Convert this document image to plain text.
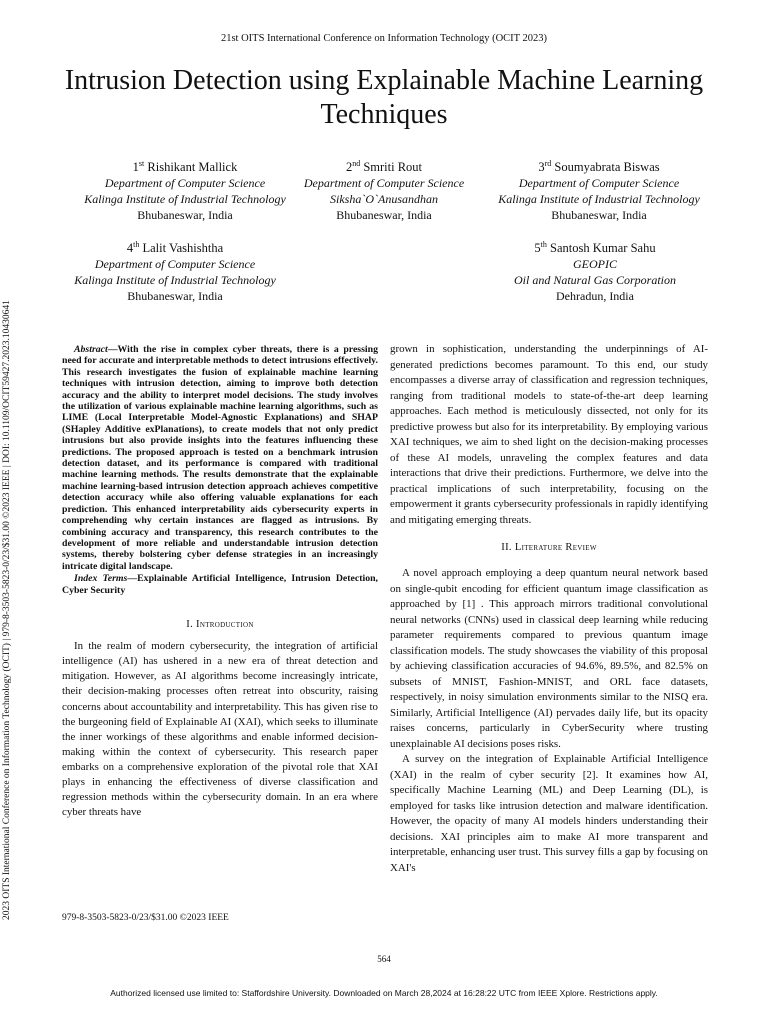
21st OITS International Conference on Information Technology (OCIT 2023)
Intrusion Detection using Explainable Machine Learning Techniques
1st Rishikant Mallick
Department of Computer Science
Kalinga Institute of Industrial Technology
Bhubaneswar, India
2nd Smriti Rout
Department of Computer Science
Siksha`O`Anusandhan
Bhubaneswar, India
3rd Soumyabrata Biswas
Department of Computer Science
Kalinga Institute of Industrial Technology
Bhubaneswar, India
4th Lalit Vashishtha
Department of Computer Science
Kalinga Institute of Industrial Technology
Bhubaneswar, India
5th Santosh Kumar Sahu
GEOPIC
Oil and Natural Gas Corporation
Dehradun, India
2023 OITS International Conference on Information Technology (OCIT) | 979-8-3503-5823-0/23/$31.00 ©2023 IEEE | DOI: 10.1109/OCIT59427.2023.10430641	Abstract—With the rise in complex cyber threats, there is a pressing need for accurate and interpretable methods to detect intrusions effectively. This research investigates the fusion of explainable machine learning techniques with intrusion detection, aiming to improve both detection accuracy and the ability to interpret model decisions. The study involves the utilization of various explainable machine learning algorithms, such as LIME (Local Interpretable Model-Agnostic Explanations) and SHAP (SHapley Additive exPlanations), to create models that not only predict intrusions but also provide insights into the features influencing these predictions. The proposed approach is tested on a benchmark intrusion detection dataset, and its performance is compared with traditional machine learning methods. The results demonstrate that the explainable machine learning-based intrusion detection approach achieves competitive detection accuracy while also offering valuable explanations for each prediction. This enhanced interpretability aids cybersecurity experts in comprehending why certain instances are flagged as intrusions. By combining accuracy and transparency, this research contributes to the development of more reliable and understandable intrusion detection systems, thereby bolstering cyber defense strategies in an increasingly intricate digital landscape.

Index Terms—Explainable Artificial Intelligence, Intrusion Detection, Cyber Security

I. Introduction

In the realm of modern cybersecurity, the integration of artificial intelligence (AI) has ushered in a new era of threat detection and mitigation. However, as AI algorithms become increasingly intricate, their decision-making processes often retreat into obscurity, raising concerns about accountability and interpretability. This has given rise to the burgeoning field of Explainable AI (XAI), which seeks to illuminate the inner workings of these algorithms and enable informed decision-making within the context of cybersecurity. This research paper embarks on a comprehensive exploration of the pivotal role that XAI plays in enhancing the effectiveness of diverse classification and regression methods within the cybersecurity domain. In an era where cyber threats have

grown in sophistication, understanding the underpinnings of AI-generated predictions becomes paramount. To this end, our study encompasses a diverse array of classification and regression techniques, ranging from traditional models to state-of-the-art deep learning approaches. Each method is meticulously dissected, not only for its predictive prowess but also for its interpretability. By employing various XAI techniques, we aim to shed light on the decision-making processes of these AI models, unraveling the complex features and data interactions that drive their predictions. Furthermore, we delve into the practical implications of such interpretability, focusing on the empowerment it grants cybersecurity professionals in rapidly identifying and mitigating emerging threats.

II. Literature Review

A novel approach employing a deep quantum neural network based on single-qubit encoding for efficient quantum image classification as approached by [1] . This approach mirrors traditional convolutional neural networks (CNNs) used in classical deep learning while reducing parameter requirements compared to previous quantum image classification models. The study showcases the viability of this proposal by achieving classification accuracies of 94.6%, 89.5%, and 82.5% on subsets of MNIST, Fashion-MNIST, and ORL face datasets, respectively, in noisy simulation environments similar to the NISQ era. Similarly, Artificial Intelligence (AI) pervades daily life, but its opacity raises concerns, particularly in CyberSecurity where trusting unexplainable AI decisions poses risks.

A survey on the integration of Explainable Artificial Intelligence (XAI) in the realm of cyber security [2]. It examines how AI, specifically Machine Learning (ML) and Deep Learning (DL), is employed for tasks like intrusion detection and malware identification. However, the opacity of many AI models hinders understanding their decisions. XAI principles aim to make AI more transparent and interpretable, enhancing user trust. This survey fills a gap by focusing on XAI's

979-8-3503-5823-0/23/$31.00 ©2023 IEEE
564
Authorized licensed use limited to: Staffordshire University. Downloaded on March 28,2024 at 16:28:22 UTC from IEEE Xplore. Restrictions apply.
